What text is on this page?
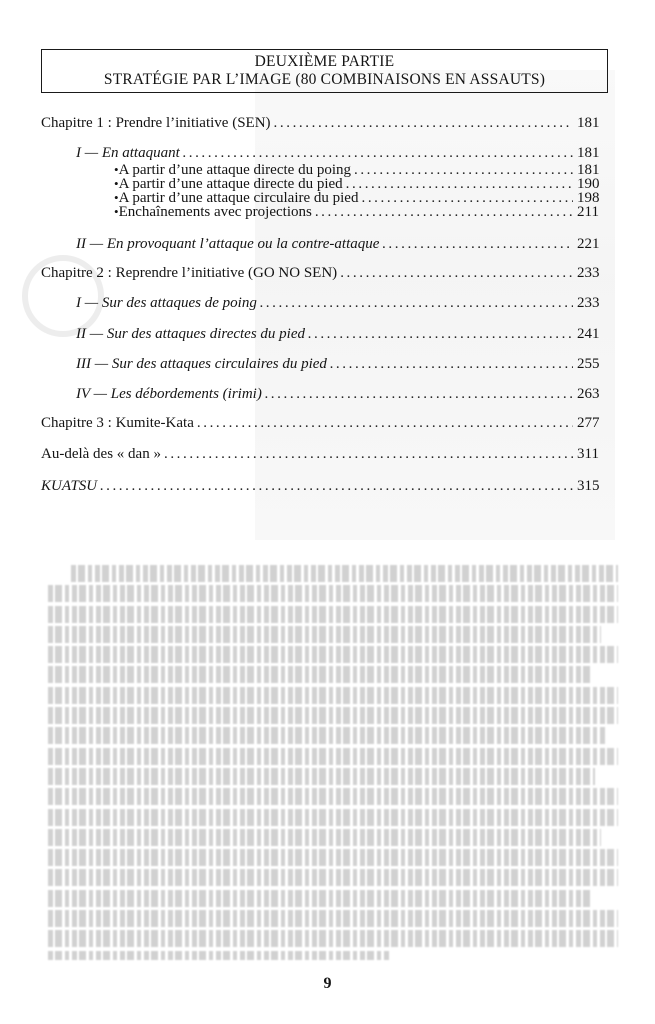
DEUXIÈME PARTIE
STRATÉGIE PAR L’IMAGE (80 COMBINAISONS EN ASSAUTS)
Chapitre 1 : Prendre l’initiative (SEN) .....	181
I — En attaquant .....	181
• A partir d’une attaque directe du poing .....	181
• A partir d’une attaque directe du pied .....	190
• A partir d’une attaque circulaire du pied .....	198
• Enchaînements avec projections .....	211
II — En provoquant l’attaque ou la contre-attaque .....	221
Chapitre 2 : Reprendre l’initiative (GO NO SEN) .....	233
I — Sur des attaques de poing .....	233
II — Sur des attaques directes du pied .....	241
III — Sur des attaques circulaires du pied .....	255
IV — Les débordements (irimi) .....	263
Chapitre 3 : Kumite-Kata .....	277
Au-delà des « dan » .....	311
KUATSU .....	315
9
